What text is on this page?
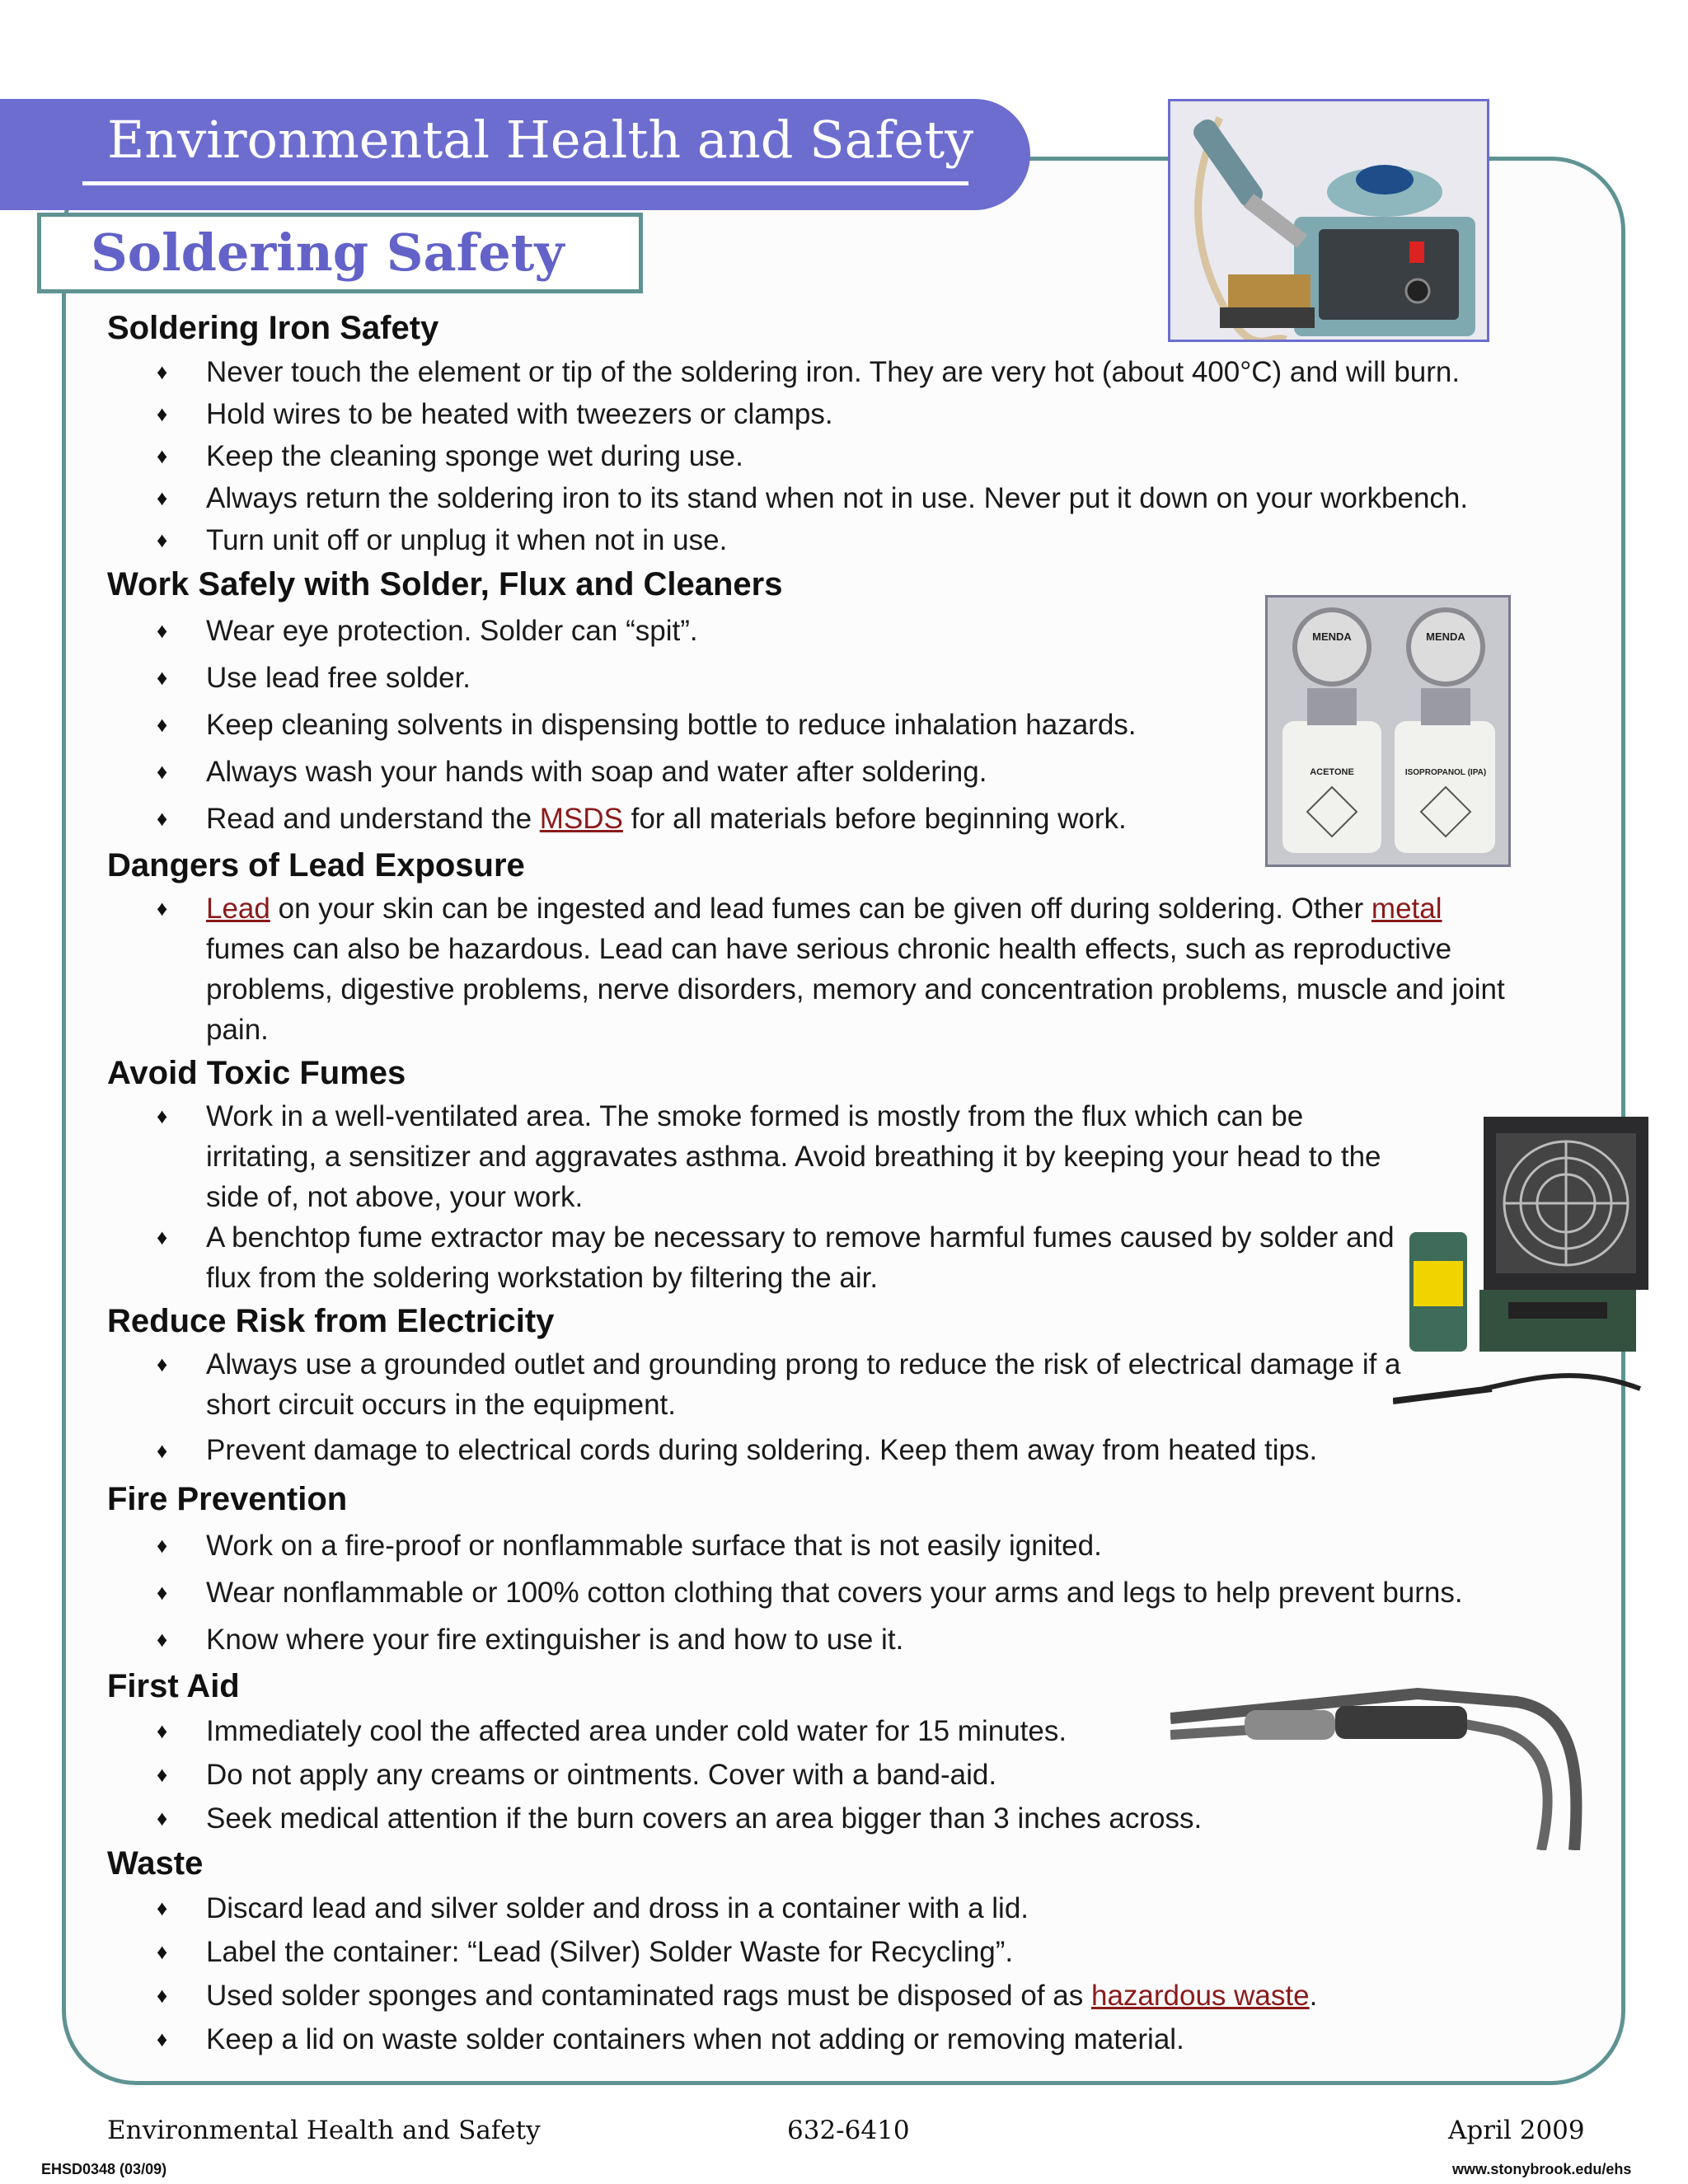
Environmental Health and Safety
Soldering Safety
MENDA	MENDA
ACETONE	ISOPROPANOL (IPA)
Soldering Iron Safety
♦ Never touch the element or tip of the soldering iron. They are very hot (about 400°C) and will burn.
♦ Hold wires to be heated with tweezers or clamps.
♦ Keep the cleaning sponge wet during use.
♦ Always return the soldering iron to its stand when not in use. Never put it down on your workbench.
♦ Turn unit off or unplug it when not in use.
Work Safely with Solder, Flux and Cleaners
♦ Wear eye protection. Solder can “spit”.
♦ Use lead free solder.
♦ Keep cleaning solvents in dispensing bottle to reduce inhalation hazards.
♦ Always wash your hands with soap and water after soldering.
♦ Read and understand the MSDS for all materials before beginning work.
Dangers of Lead Exposure
♦ Lead on your skin can be ingested and lead fumes can be given off during soldering. Other metal fumes can also be hazardous. Lead can have serious chronic health effects, such as reproductive problems, digestive problems, nerve disorders, memory and concentration problems, muscle and joint pain.
Avoid Toxic Fumes
♦ Work in a well-ventilated area. The smoke formed is mostly from the flux which can be irritating, a sensitizer and aggravates asthma. Avoid breathing it by keeping your head to the side of, not above, your work.
♦ A benchtop fume extractor may be necessary to remove harmful fumes caused by solder and flux from the soldering workstation by filtering the air.
Reduce Risk from Electricity
♦ Always use a grounded outlet and grounding prong to reduce the risk of electrical damage if a short circuit occurs in the equipment.
♦ Prevent damage to electrical cords during soldering. Keep them away from heated tips.
Fire Prevention
♦ Work on a fire-proof or nonflammable surface that is not easily ignited.
♦ Wear nonflammable or 100% cotton clothing that covers your arms and legs to help prevent burns.
♦ Know where your fire extinguisher is and how to use it.
First Aid
♦ Immediately cool the affected area under cold water for 15 minutes.
♦ Do not apply any creams or ointments. Cover with a band-aid.
♦ Seek medical attention if the burn covers an area bigger than 3 inches across.
Waste
♦ Discard lead and silver solder and dross in a container with a lid.
♦ Label the container: “Lead (Silver) Solder Waste for Recycling”.
♦ Used solder sponges and contaminated rags must be disposed of as hazardous waste.
♦ Keep a lid on waste solder containers when not adding or removing material.
Environmental Health and Safety	632-6410	April 2009
EHSD0348 (03/09)	www.stonybrook.edu/ehs
